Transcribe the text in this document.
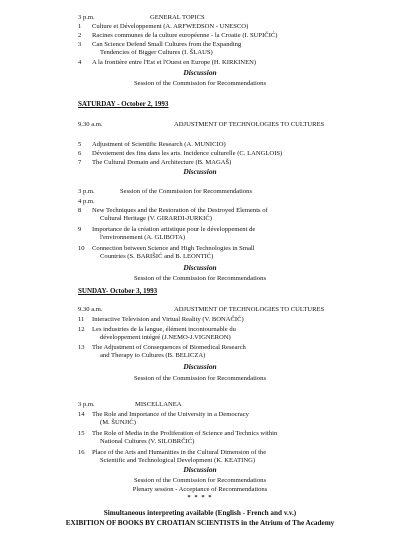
3 p.m.	GENERAL TOPICS
1	Culture et Développement (A. ARFWEDSON - UNESCO)
2	Racines communes de la culture européenne - la Croatie (I. SUPIČIĆ)
3	Can Science Defend Small Cultures from the Expanding
Tendencies of Bigger Cultures (I. ŠLAUS)
4	A la frontière entre l'Est et l'Ouest en Europe (H. KIRKINEN)
Discussion
Session of the Commission for Recommendations
SATURDAY - October 2, 1993
9.30 a.m.	ADJUSTMENT OF TECHNOLOGIES TO CULTURES
5	Adjustment of Scientific Research (A. MUNICIO)
6	Dévoiement des fins dans les arts. Incidence culturelle (C. LANGLOIS)
7	The Cultural Domain and Architecture (B. MAGAŠ)
Discussion
3 p.m.	Session of the Commission for Recommendations
4 p.m.
8	New Techniques and the Restoration of the Destroyed Elements of
Cultural Heritage (V. GIRARDI-JURKIĆ)
9	Importance de la création artistique pour le développement de
l'environnement (A. GLIBOTA)
10	Connection between Science and High Technologies in Small
Countries (S. BARIŠIĆ and B. LEONTIĆ)
Discussion
Session of the Commission for Recommendations
SUNDAY- October 3, 1993
9.30 a.m.	ADJUSTMENT OF TECHNOLOGIES TO CULTURES
11	Interactive Television and Virtual Reality (V. BONAČIĆ)
12	Les industries de la langue, élément incontournable du
développement intégré (J.NEMO-J.VIGNERON)
13	The Adjustment of Consequences of Biomedical Research
and Therapy to Cultures (B. BELICZA)
Discussion
Session of the Commission for Recommendations
3 p.m.	MISCELLANEA
14	The Role and Importance of the University in a Democracy
(M. ŠUNJIĆ)
15	The Role of Media in the Proliferation of Science and Technics within
National Cultures (V. SILOBRČIĆ)
16	Place of the Arts and Humanities in the Cultural Dimension of the
Scientific and Technological Development (K. KEATING)
Discussion
Session of the Commission for Recommendations
Plenary session - Acceptance of Recommendations
* * * *
Simultaneous interpreting available (English - French and v.v.)
EXIBITION OF BOOKS BY CROATIAN SCIENTISTS in the Atrium of The Academy
